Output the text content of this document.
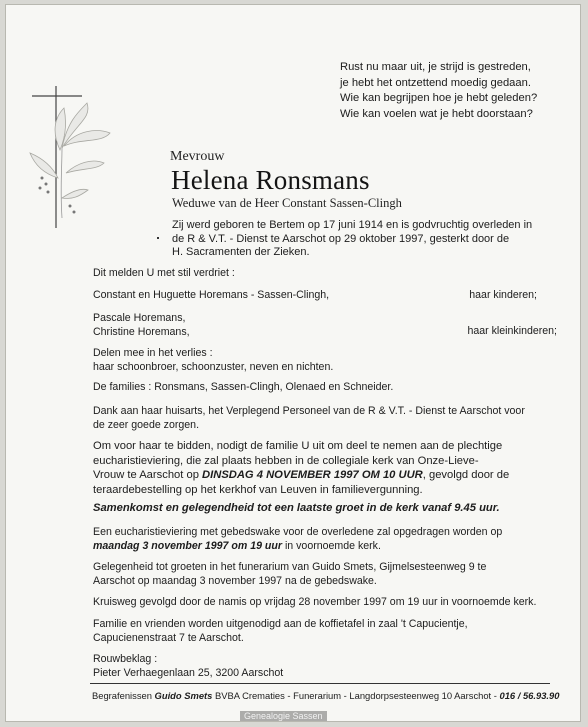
Rust nu maar uit, je strijd is gestreden,
je hebt het ontzettend moedig gedaan.
Wie kan begrijpen hoe je hebt geleden?
Wie kan voelen wat je hebt doorstaan?
Mevrouw
Helena Ronsmans
Weduwe van de Heer Constant Sassen-Clingh
Zij werd geboren te Bertem op 17 juni 1914 en is godvruchtig overleden in
de R & V.T. - Dienst te Aarschot op 29 oktober 1997, gesterkt door de
H. Sacramenten der Zieken.
Dit melden U met stil verdriet :
Constant en Huguette Horemans - Sassen-Clingh,	haar kinderen;
Pascale Horemans,
Christine Horemans,	haar kleinkinderen;
Delen mee in het verlies :
haar schoonbroer, schoonzuster, neven en nichten.
De families : Ronsmans, Sassen-Clingh, Olenaed en Schneider.
Dank aan haar huisarts, het Verplegend Personeel van de R & V.T. - Dienst te Aarschot voor
de zeer goede zorgen.
Om voor haar te bidden, nodigt de familie U uit om deel te nemen aan de plechtige
eucharistieviering, die zal plaats hebben in de collegiale kerk van Onze-Lieve-
Vrouw te Aarschot op DINSDAG 4 NOVEMBER 1997 OM 10 UUR, gevolgd door de
teraardebestelling op het kerkhof van Leuven in familievergunning.
Samenkomst en gelegendheid tot een laatste groet in de kerk vanaf 9.45 uur.
Een eucharistieviering met gebedswake voor de overledene zal opgedragen worden op
maandag 3 november 1997 om 19 uur in voornoemde kerk.
Gelegenheid tot groeten in het funerarium van Guido Smets, Gijmelsesteenweg 9 te
Aarschot op maandag 3 november 1997 na de gebedswake.
Kruisweg gevolgd door de namis op vrijdag 28 november 1997 om 19 uur in voornoemde kerk.
Familie en vrienden worden uitgenodigd aan de koffietafel in zaal 't Capucientje,
Capucienenstraat 7 te Aarschot.
Rouwbeklag :
Pieter Verhaegenlaan 25, 3200 Aarschot
Begrafenissen Guido Smets BVBA Crematies - Funerarium - Langdorpsesteenweg 10 Aarschot - 016 / 56.93.90
Genealogie Sassen
